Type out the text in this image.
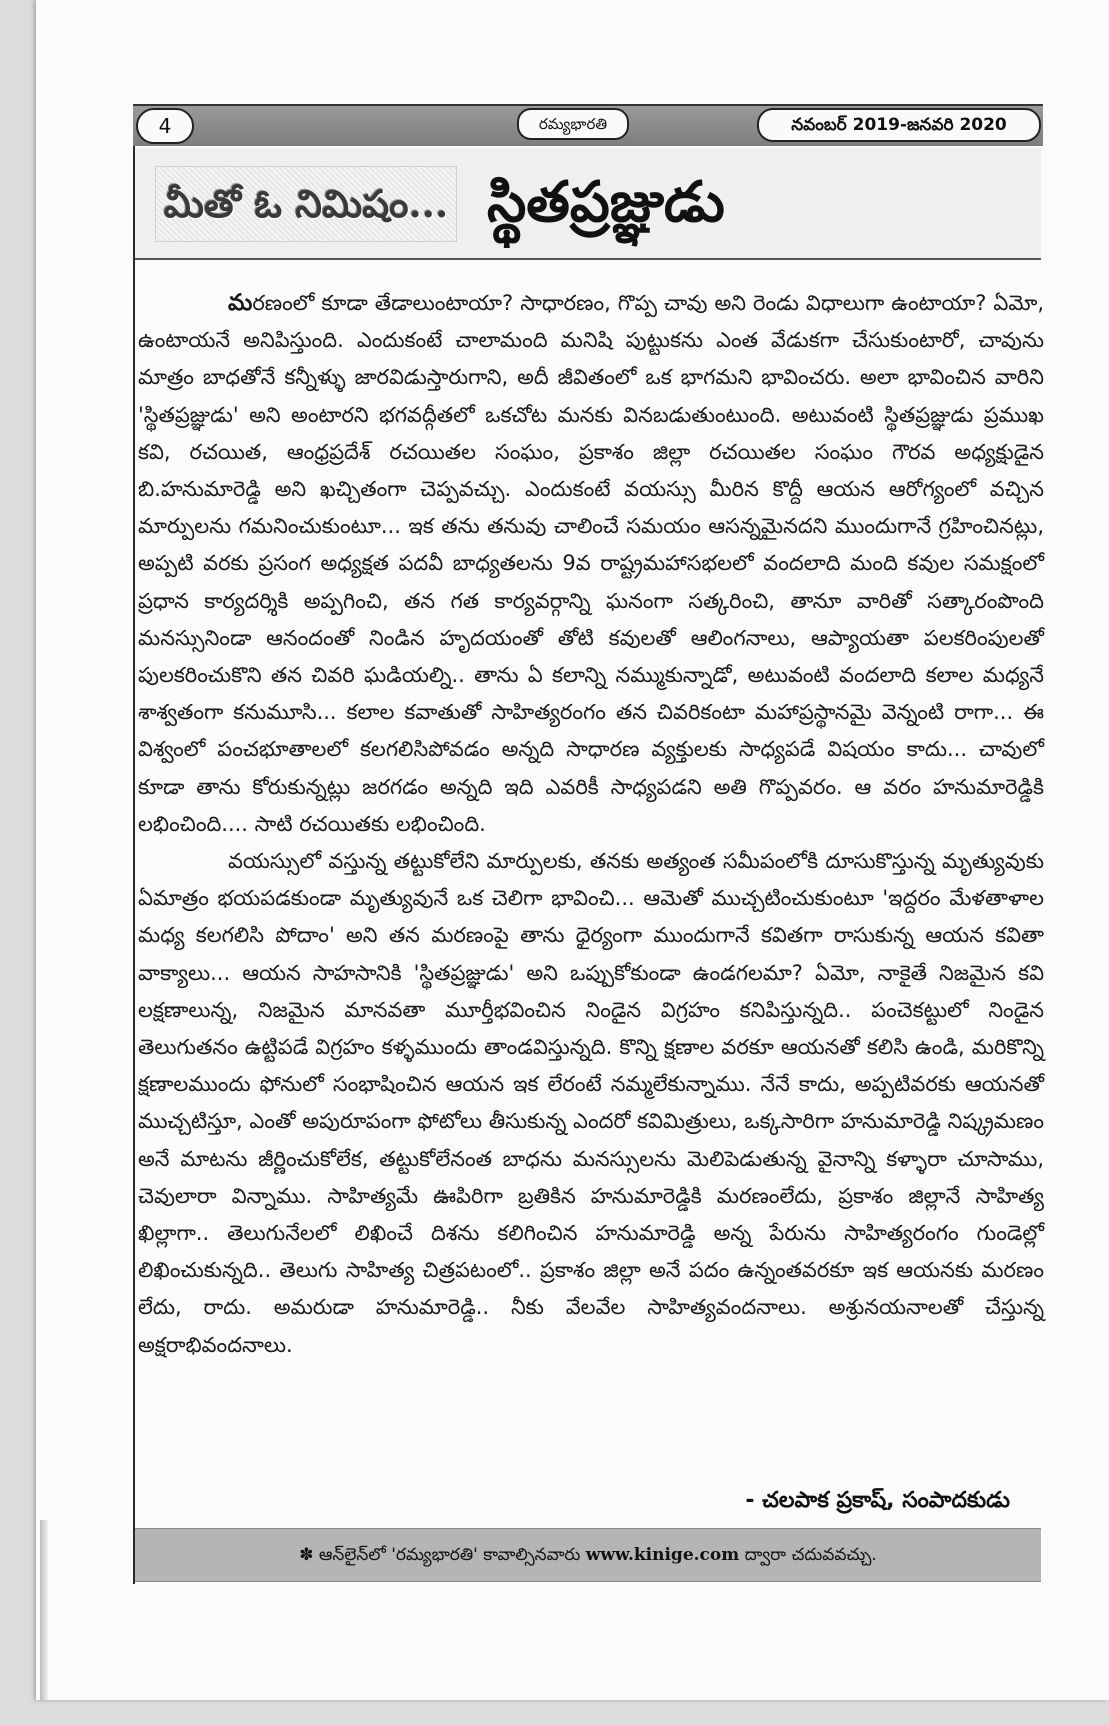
4	రమ్యభారతి	నవంబర్ 2019-జనవరి 2020
మీతో ఓ నిమిషం... స్థితప్రజ్ఞుడు

మరణంలో కూడా తేడాలుంటాయా? సాధారణం, గొప్ప చావు అని రెండు విధాలుగా ఉంటాయా? ఏమో, ఉంటాయనే అనిపిస్తుంది. ఎందుకంటే చాలామంది మనిషి పుట్టుకను ఎంత వేడుకగా చేసుకుంటారో, చావును మాత్రం బాధతోనే కన్నీళ్ళు జారవిడుస్తారుగాని, అదీ జీవితంలో ఒక భాగమని భావించరు. అలా భావించిన వారిని 'స్థితప్రజ్ఞుడు' అని అంటారని భగవద్గీతలో ఒకచోట మనకు వినబడుతుంటుంది. అటువంటి స్థితప్రజ్ఞుడు ప్రముఖ కవి, రచయిత, ఆంధ్రప్రదేశ్ రచయితల సంఘం, ప్రకాశం జిల్లా రచయితల సంఘం గౌరవ అధ్యక్షుడైన బి.హనుమారెడ్డి అని ఖచ్చితంగా చెప్పవచ్చు. ఎందుకంటే వయస్సు మీరిన కొద్దీ ఆయన ఆరోగ్యంలో వచ్చిన మార్పులను గమనించుకుంటూ... ఇక తను తనువు చాలించే సమయం ఆసన్నమైనదని ముందుగానే గ్రహించినట్లు, అప్పటి వరకు ప్రసంగ అధ్యక్షత పదవీ బాధ్యతలను 9వ రాష్ట్రమహాసభలలో వందలాది మంది కవుల సమక్షంలో ప్రధాన కార్యదర్శికి అప్పగించి, తన గత కార్యవర్గాన్ని ఘనంగా సత్కరించి, తానూ వారితో సత్కారంపొంది మనస్సునిండా ఆనందంతో నిండిన హృదయంతో తోటి కవులతో ఆలింగనాలు, ఆప్యాయతా పలకరింపులతో పులకరించుకొని తన చివరి ఘడియల్ని.. తాను ఏ కలాన్ని నమ్ముకున్నాడో, అటువంటి వందలాది కలాల మధ్యనే శాశ్వతంగా కనుమూసి... కలాల కవాతుతో సాహిత్యరంగం తన చివరికంటా మహాప్రస్థానమై వెన్నంటి రాగా... ఈ విశ్వంలో పంచభూతాలలో కలగలిసిపోవడం అన్నది సాధారణ వ్యక్తులకు సాధ్యపడే విషయం కాదు... చావులో కూడా తాను కోరుకున్నట్లు జరగడం అన్నది ఇది ఎవరికీ సాధ్యపడని అతి గొప్పవరం. ఆ వరం హనుమారెడ్డికి లభించింది.... సాటి రచయితకు లభించింది.

వయస్సులో వస్తున్న తట్టుకోలేని మార్పులకు, తనకు అత్యంత సమీపంలోకి దూసుకొస్తున్న మృత్యువుకు ఏమాత్రం భయపడకుండా మృత్యువునే ఒక చెలిగా భావించి... ఆమెతో ముచ్చటించుకుంటూ 'ఇద్దరం మేళతాళాల మధ్య కలగలిసి పోదాం' అని తన మరణంపై తాను ధైర్యంగా ముందుగానే కవితగా రాసుకున్న ఆయన కవితా వాక్యాలు... ఆయన సాహసానికి 'స్థితప్రజ్ఞుడు' అని ఒప్పుకోకుండా ఉండగలమా? ఏమో, నాకైతే నిజమైన కవి లక్షణాలున్న, నిజమైన మానవతా మూర్తీభవించిన నిండైన విగ్రహం కనిపిస్తున్నది.. పంచెకట్టులో నిండైన తెలుగుతనం ఉట్టిపడే విగ్రహం కళ్ళముందు తాండవిస్తున్నది. కొన్ని క్షణాల వరకూ ఆయనతో కలిసి ఉండి, మరికొన్ని క్షణాలముందు ఫోనులో సంభాషించిన ఆయన ఇక లేరంటే నమ్మలేకున్నాము. నేనే కాదు, అప్పటివరకు ఆయనతో ముచ్చటిస్తూ, ఎంతో అపురూపంగా ఫోటోలు తీసుకున్న ఎందరో కవిమిత్రులు, ఒక్కసారిగా హనుమారెడ్డి నిష్క్రమణం అనే మాటను జీర్ణించుకోలేక, తట్టుకోలేనంత బాధను మనస్సులను మెలిపెడుతున్న వైనాన్ని కళ్ళారా చూసాము, చెవులారా విన్నాము. సాహిత్యమే ఊపిరిగా బ్రతికిన హనుమారెడ్డికి మరణంలేదు, ప్రకాశం జిల్లానే సాహిత్య ఖిల్లాగా.. తెలుగునేలలో లిఖించే దిశను కలిగించిన హనుమారెడ్డి అన్న పేరును సాహిత్యరంగం గుండెల్లో లిఖించుకున్నది.. తెలుగు సాహిత్య చిత్రపటంలో.. ప్రకాశం జిల్లా అనే పదం ఉన్నంతవరకూ ఇక ఆయనకు మరణం లేదు, రాదు. అమరుడా హనుమారెడ్డి.. నీకు వేలవేల సాహిత్యవందనాలు. అశ్రునయనాలతో చేస్తున్న అక్షరాభివందనాలు.

- చలపాక ప్రకాష్, సంపాదకుడు
✽ ఆన్‌లైన్‌లో 'రమ్యభారతి' కావాల్సినవారు www.kinige.com ద్వారా చదువవచ్చు.
